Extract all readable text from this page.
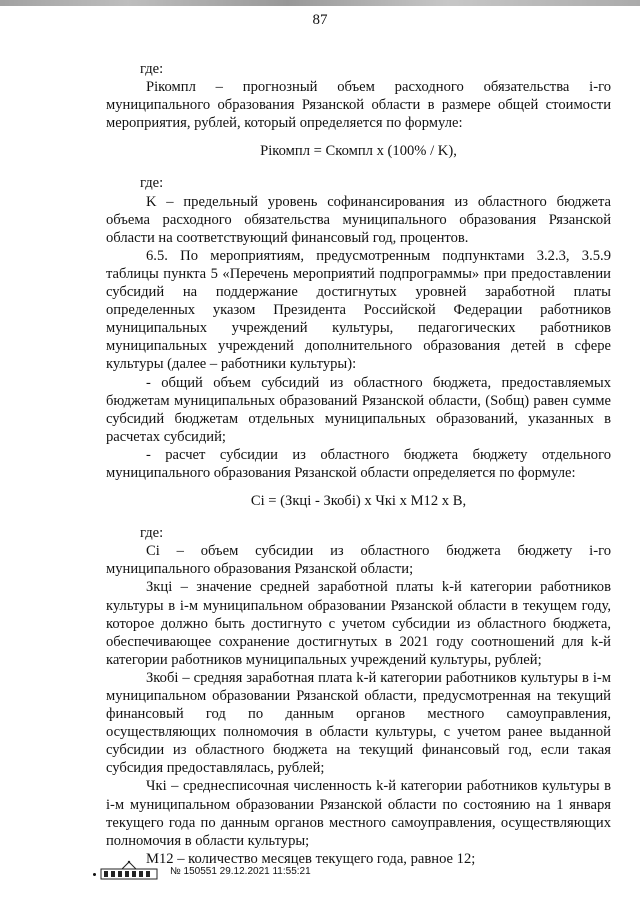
87

где:

Pікомпл – прогнозный объем расходного обязательства i-го муниципального образования Рязанской области в размере общей стоимости мероприятия, рублей, который определяется по формуле:

Pікомпл = Скомпл x (100% / K),

где:

K – предельный уровень софинансирования из областного бюджета объема расходного обязательства муниципального образования Рязанской области на соответствующий финансовый год, процентов.

6.5. По мероприятиям, предусмотренным подпунктами 3.2.3, 3.5.9 таблицы пункта 5 «Перечень мероприятий подпрограммы» при предоставлении субсидий на поддержание достигнутых уровней заработной платы определенных указом Президента Российской Федерации работников муниципальных учреждений культуры, педагогических работников муниципальных учреждений дополнительного образования детей в сфере культуры (далее – работники культуры):

- общий объем субсидий из областного бюджета, предоставляемых бюджетам муниципальных образований Рязанской области, (Sобщ) равен сумме субсидий бюджетам отдельных муниципальных образований, указанных в расчетах субсидий;

- расчет субсидии из областного бюджета бюджету отдельного муниципального образования Рязанской области определяется по формуле:

Ci = (Зкці - Зкобі) x Чкі x M12 x B,

где:

Ci – объем субсидии из областного бюджета бюджету i-го муниципального образования Рязанской области;

Зкці – значение средней заработной платы k-й категории работников культуры в i-м муниципальном образовании Рязанской области в текущем году, которое должно быть достигнуто с учетом субсидии из областного бюджета, обеспечивающее сохранение достигнутых в 2021 году соотношений для k-й категории работников муниципальных учреждений культуры, рублей;

Зкобі – средняя заработная плата k-й категории работников культуры в i-м муниципальном образовании Рязанской области, предусмотренная на текущий финансовый год по данным органов местного самоуправления, осуществляющих полномочия в области культуры, с учетом ранее выданной субсидии из областного бюджета на текущий финансовый год, если такая субсидия предоставлялась, рублей;

Чкі – среднесписочная численность k-й категории работников культуры в i-м муниципальном образовании Рязанской области по состоянию на 1 января текущего года по данным органов местного самоуправления, осуществляющих полномочия в области культуры;

M12 – количество месяцев текущего года, равное 12;

№ 150551 29.12.2021 11:55:21
